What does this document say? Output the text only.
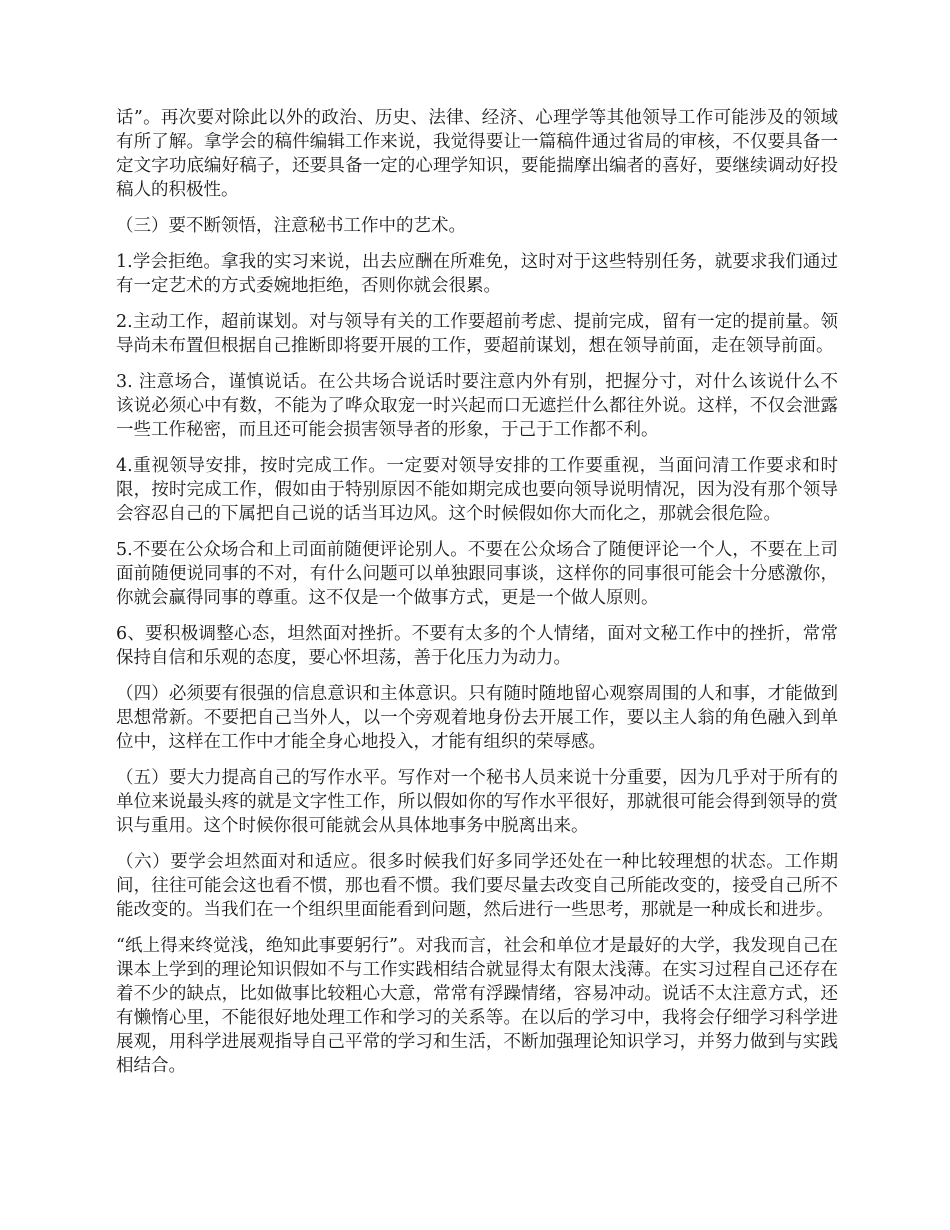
话”。再次要对除此以外的政治、历史、法律、经济、心理学等其他领导工作可能涉及的领域有所了解。拿学会的稿件编辑工作来说，我觉得要让一篇稿件通过省局的审核，不仅要具备一定文字功底编好稿子，还要具备一定的心理学知识，要能揣摩出编者的喜好，要继续调动好投稿人的积极性。

（三）要不断领悟，注意秘书工作中的艺术。

1.学会拒绝。拿我的实习来说，出去应酬在所难免，这时对于这些特别任务，就要求我们通过有一定艺术的方式委婉地拒绝，否则你就会很累。

2.主动工作，超前谋划。对与领导有关的工作要超前考虑、提前完成，留有一定的提前量。领导尚未布置但根据自己推断即将要开展的工作，要超前谋划，想在领导前面，走在领导前面。

3. 注意场合，谨慎说话。在公共场合说话时要注意内外有别，把握分寸，对什么该说什么不该说必须心中有数，不能为了哗众取宠一时兴起而口无遮拦什么都往外说。这样，不仅会泄露一些工作秘密，而且还可能会损害领导者的形象，于己于工作都不利。

4.重视领导安排，按时完成工作。一定要对领导安排的工作要重视，当面问清工作要求和时限，按时完成工作，假如由于特别原因不能如期完成也要向领导说明情况，因为没有那个领导会容忍自己的下属把自己说的话当耳边风。这个时候假如你大而化之，那就会很危险。

5.不要在公众场合和上司面前随便评论别人。不要在公众场合了随便评论一个人，不要在上司面前随便说同事的不对，有什么问题可以单独跟同事谈，这样你的同事很可能会十分感激你，你就会赢得同事的尊重。这不仅是一个做事方式，更是一个做人原则。

6、要积极调整心态，坦然面对挫折。不要有太多的个人情绪，面对文秘工作中的挫折，常常保持自信和乐观的态度，要心怀坦荡，善于化压力为动力。

（四）必须要有很强的信息意识和主体意识。只有随时随地留心观察周围的人和事，才能做到思想常新。不要把自己当外人，以一个旁观着地身份去开展工作，要以主人翁的角色融入到单位中，这样在工作中才能全身心地投入，才能有组织的荣辱感。

（五）要大力提高自己的写作水平。写作对一个秘书人员来说十分重要，因为几乎对于所有的单位来说最头疼的就是文字性工作，所以假如你的写作水平很好，那就很可能会得到领导的赏识与重用。这个时候你很可能就会从具体地事务中脱离出来。

（六）要学会坦然面对和适应。很多时候我们好多同学还处在一种比较理想的状态。工作期间，往往可能会这也看不惯，那也看不惯。我们要尽量去改变自己所能改变的，接受自己所不能改变的。当我们在一个组织里面能看到问题，然后进行一些思考，那就是一种成长和进步。

“纸上得来终觉浅，绝知此事要躬行”。对我而言，社会和单位才是最好的大学，我发现自己在课本上学到的理论知识假如不与工作实践相结合就显得太有限太浅薄。在实习过程自己还存在着不少的缺点，比如做事比较粗心大意，常常有浮躁情绪，容易冲动。说话不太注意方式，还有懒惰心里，不能很好地处理工作和学习的关系等。在以后的学习中，我将会仔细学习科学进展观，用科学进展观指导自己平常的学习和生活，不断加强理论知识学习，并努力做到与实践相结合。
